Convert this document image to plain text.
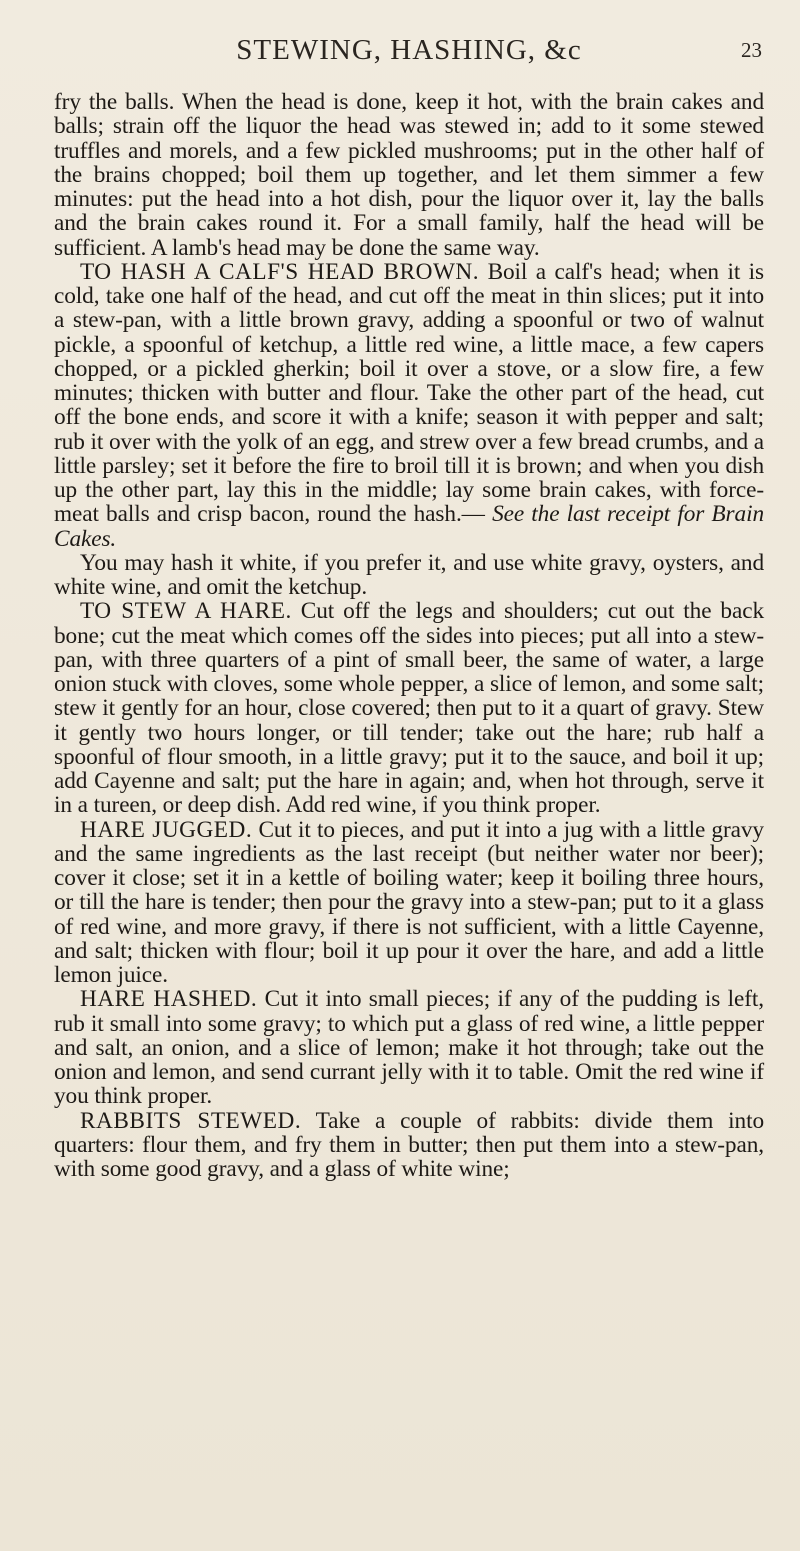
STEWING, HASHING, &c	23

fry the balls. When the head is done, keep it hot, with the brain cakes and balls; strain off the liquor the head was stewed in; add to it some stewed truffles and morels, and a few pickled mushrooms; put in the other half of the brains chopped; boil them up together, and let them simmer a few minutes: put the head into a hot dish, pour the liquor over it, lay the balls and the brain cakes round it. For a small family, half the head will be sufficient. A lamb's head may be done the same way.

TO HASH A CALF'S HEAD BROWN. Boil a calf's head; when it is cold, take one half of the head, and cut off the meat in thin slices; put it into a stew-pan, with a little brown gravy, adding a spoonful or two of walnut pickle, a spoonful of ketchup, a little red wine, a little mace, a few capers chopped, or a pickled gherkin; boil it over a stove, or a slow fire, a few minutes; thicken with butter and flour. Take the other part of the head, cut off the bone ends, and score it with a knife; season it with pepper and salt; rub it over with the yolk of an egg, and strew over a few bread crumbs, and a little parsley; set it before the fire to broil till it is brown; and when you dish up the other part, lay this in the middle; lay some brain cakes, with force-meat balls and crisp bacon, round the hash.— See the last receipt for Brain Cakes.

You may hash it white, if you prefer it, and use white gravy, oysters, and white wine, and omit the ketchup.

TO STEW A HARE. Cut off the legs and shoulders; cut out the back bone; cut the meat which comes off the sides into pieces; put all into a stew-pan, with three quarters of a pint of small beer, the same of water, a large onion stuck with cloves, some whole pepper, a slice of lemon, and some salt; stew it gently for an hour, close covered; then put to it a quart of gravy. Stew it gently two hours longer, or till tender; take out the hare; rub half a spoonful of flour smooth, in a little gravy; put it to the sauce, and boil it up; add Cayenne and salt; put the hare in again; and, when hot through, serve it in a tureen, or deep dish. Add red wine, if you think proper.

HARE JUGGED. Cut it to pieces, and put it into a jug with a little gravy and the same ingredients as the last receipt (but neither water nor beer); cover it close; set it in a kettle of boiling water; keep it boiling three hours, or till the hare is tender; then pour the gravy into a stew-pan; put to it a glass of red wine, and more gravy, if there is not sufficient, with a little Cayenne, and salt; thicken with flour; boil it up pour it over the hare, and add a little lemon juice.

HARE HASHED. Cut it into small pieces; if any of the pudding is left, rub it small into some gravy; to which put a glass of red wine, a little pepper and salt, an onion, and a slice of lemon; make it hot through; take out the onion and lemon, and send currant jelly with it to table. Omit the red wine if you think proper.

RABBITS STEWED. Take a couple of rabbits: divide them into quarters: flour them, and fry them in butter; then put them into a stew-pan, with some good gravy, and a glass of white wine;
